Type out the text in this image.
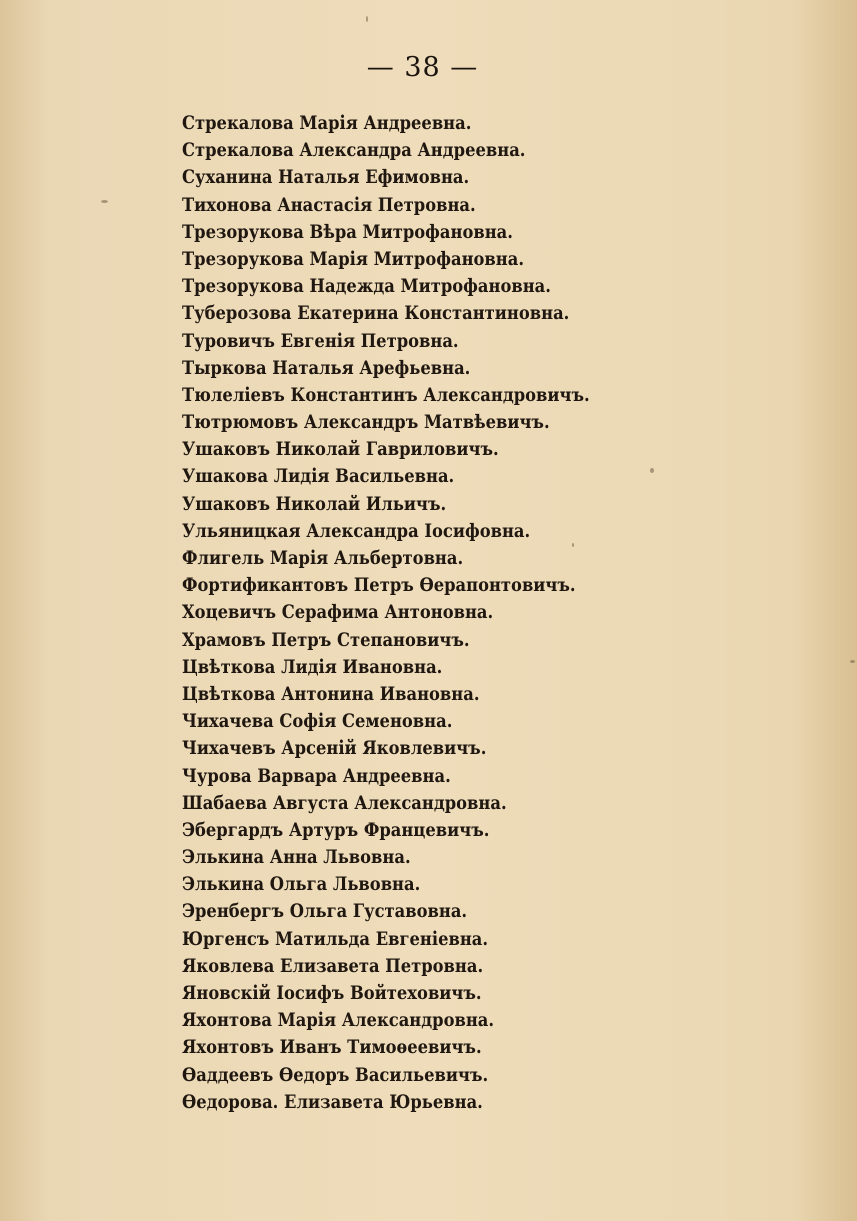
— 38 —
Стрекалова Марія Андреевна.
Стрекалова Александра Андреевна.
Суханина Наталья Ефимовна.
Тихонова Анастасія Петровна.
Трезорукова Вѣра Митрофановна.
Трезорукова Марія Митрофановна.
Трезорукова Надежда Митрофановна.
Туберозова Екатерина Константиновна.
Туровичъ Евгенія Петровна.
Тыркова Наталья Арефьевна.
Тюлеліевъ Константинъ Александровичъ.
Тютрюмовъ Александръ Матвѣевичъ.
Ушаковъ Николай Гавриловичъ.
Ушакова Лидія Васильевна.
Ушаковъ Николай Ильичъ.
Ульяницкая Александра Іосифовна.
Флигель Марія Альбертовна.
Фортификантовъ Петръ Ѳерапонтовичъ.
Хоцевичъ Серафима Антоновна.
Храмовъ Петръ Степановичъ.
Цвѣткова Лидія Ивановна.
Цвѣткова Антонина Ивановна.
Чихачева Софія Семеновна.
Чихачевъ Арсеній Яковлевичъ.
Чурова Варвара Андреевна.
Шабаева Августа Александровна.
Эбергардъ Артуръ Францевичъ.
Элькина Анна Львовна.
Элькина Ольга Львовна.
Эренбергъ Ольга Густавовна.
Юргенсъ Матильда Евгеніевна.
Яковлева Елизавета Петровна.
Яновскій Іосифъ Войтеховичъ.
Яхонтова Марія Александровна.
Яхонтовъ Иванъ Тимоѳеевичъ.
Ѳаддеевъ Ѳедоръ Васильевичъ.
Ѳедорова. Елизавета Юрьевна.
